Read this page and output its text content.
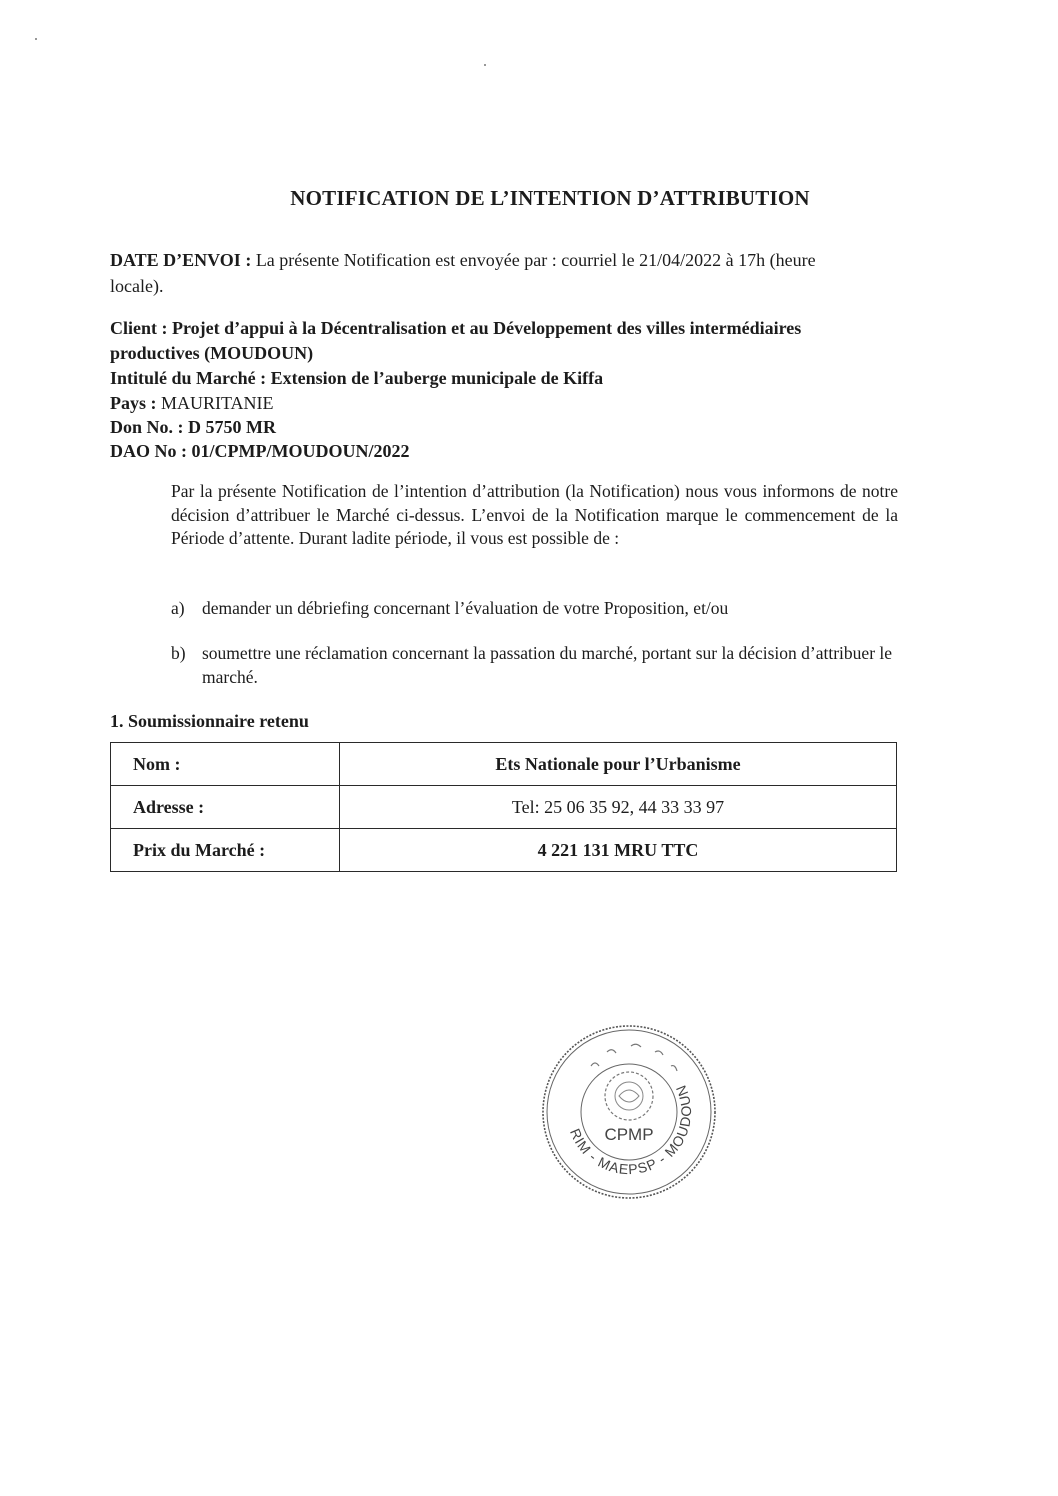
NOTIFICATION DE L’INTENTION D’ATTRIBUTION
DATE D’ENVOI : La présente Notification est envoyée par : courriel le 21/04/2022 à 17h (heure
locale).
Client : Projet d’appui à la Décentralisation et au Développement des villes intermédiaires
productives (MOUDOUN)
Intitulé du Marché : Extension de l’auberge municipale de Kiffa
Pays : MAURITANIE
Don No. : D 5750 MR
DAO No : 01/CPMP/MOUDOUN/2022
Par la présente Notification de l’intention d’attribution (la Notification) nous vous informons de notre décision d’attribuer le Marché ci-dessus. L’envoi de la Notification marque le commencement de la Période d’attente. Durant ladite période, il vous est possible de :
a) demander un débriefing concernant l’évaluation de votre Proposition, et/ou
b) soumettre une réclamation concernant la passation du marché, portant sur la décision d’attribuer le marché.
1. Soumissionnaire retenu
Nom :	Ets Nationale pour l’Urbanisme
Adresse :	Tel: 25 06 35 92, 44 33 33 97
Prix du Marché :	4 221 131 MRU TTC
CPMP
RIM - MAEPSP - MOUDOUN
